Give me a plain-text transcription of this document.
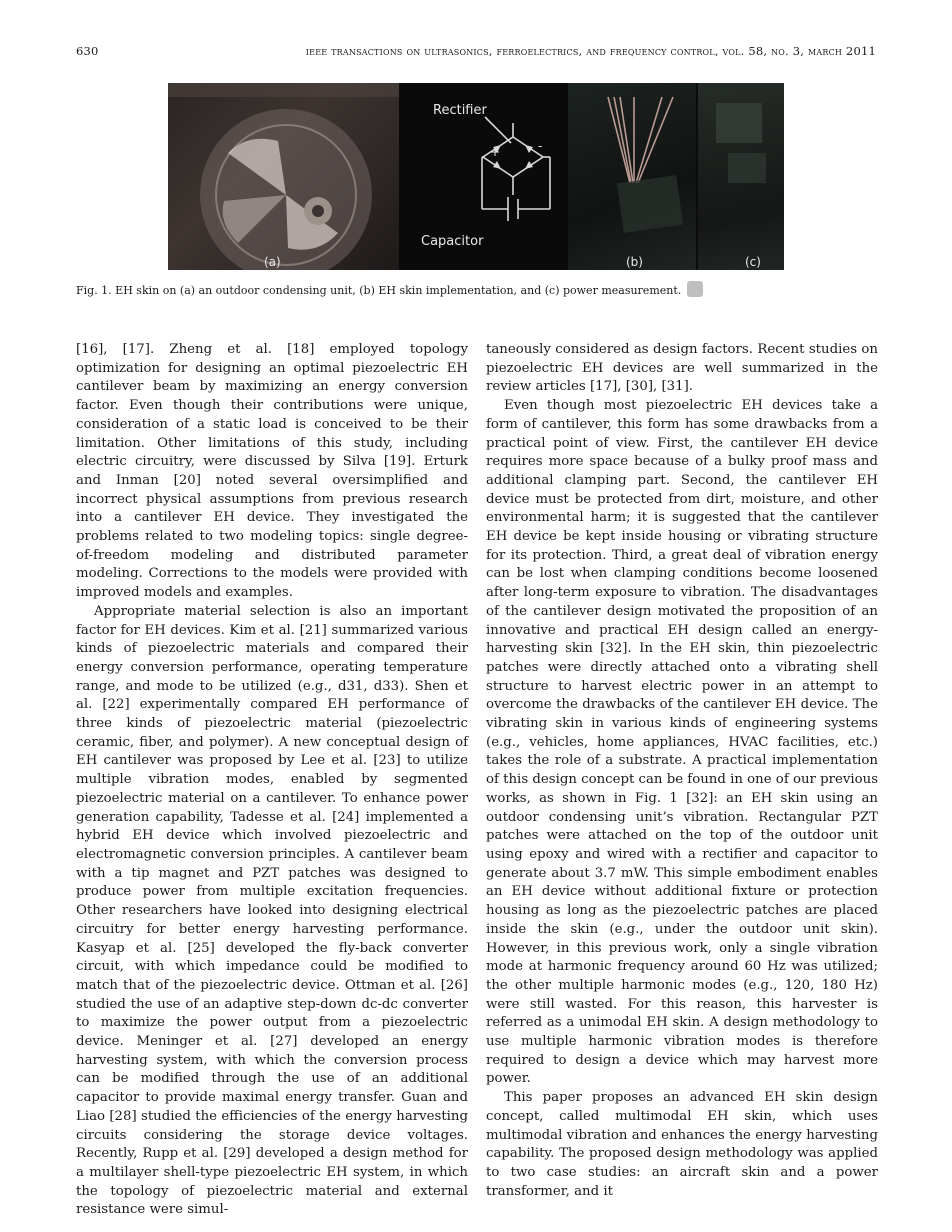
630	ieee transactions on ultrasonics, ferroelectrics, and frequency control, vol. 58, no. 3, march 2011
Rectifier
Capacitor
+	-
(a)	(b)	(c)
Fig. 1. EH skin on (a) an outdoor condensing unit, (b) EH skin implementation, and (c) power measurement.

[16], [17]. Zheng et al. [18] employed topology optimization for designing an optimal piezoelectric EH cantilever beam by maximizing an energy conversion factor. Even though their contributions were unique, consideration of a static load is conceived to be their limitation. Other limitations of this study, including electric circuitry, were discussed by Silva [19]. Erturk and Inman [20] noted several oversimplified and incorrect physical assumptions from previous research into a cantilever EH device. They investigated the problems related to two modeling topics: single degree-of-freedom modeling and distributed parameter modeling. Corrections to the models were provided with improved models and examples.

Appropriate material selection is also an important factor for EH devices. Kim et al. [21] summarized various kinds of piezoelectric materials and compared their energy conversion performance, operating temperature range, and mode to be utilized (e.g., d31, d33). Shen et al. [22] experimentally compared EH performance of three kinds of piezoelectric material (piezoelectric ceramic, fiber, and polymer). A new conceptual design of EH cantilever was proposed by Lee et al. [23] to utilize multiple vibration modes, enabled by segmented piezoelectric material on a cantilever. To enhance power generation capability, Tadesse et al. [24] implemented a hybrid EH device which involved piezoelectric and electromagnetic conversion principles. A cantilever beam with a tip magnet and PZT patches was designed to produce power from multiple excitation frequencies. Other researchers have looked into designing electrical circuitry for better energy harvesting performance. Kasyap et al. [25] developed the fly-back converter circuit, with which impedance could be modified to match that of the piezoelectric device. Ottman et al. [26] studied the use of an adaptive step-down dc-dc converter to maximize the power output from a piezoelectric device. Meninger et al. [27] developed an energy harvesting system, with which the conversion process can be modified through the use of an additional capacitor to provide maximal energy transfer. Guan and Liao [28] studied the efficiencies of the energy harvesting circuits considering the storage device voltages. Recently, Rupp et al. [29] developed a design method for a multilayer shell-type piezoelectric EH system, in which the topology of piezoelectric material and external resistance were simul-

taneously considered as design factors. Recent studies on piezoelectric EH devices are well summarized in the review articles [17], [30], [31].

Even though most piezoelectric EH devices take a form of cantilever, this form has some drawbacks from a practical point of view. First, the cantilever EH device requires more space because of a bulky proof mass and additional clamping part. Second, the cantilever EH device must be protected from dirt, moisture, and other environmental harm; it is suggested that the cantilever EH device be kept inside housing or vibrating structure for its protection. Third, a great deal of vibration energy can be lost when clamping conditions become loosened after long-term exposure to vibration. The disadvantages of the cantilever design motivated the proposition of an innovative and practical EH design called an energy-harvesting skin [32]. In the EH skin, thin piezoelectric patches were directly attached onto a vibrating shell structure to harvest electric power in an attempt to overcome the drawbacks of the cantilever EH device. The vibrating skin in various kinds of engineering systems (e.g., vehicles, home appliances, HVAC facilities, etc.) takes the role of a substrate. A practical implementation of this design concept can be found in one of our previous works, as shown in Fig. 1 [32]: an EH skin using an outdoor condensing unit’s vibration. Rectangular PZT patches were attached on the top of the outdoor unit using epoxy and wired with a rectifier and capacitor to generate about 3.7 mW. This simple embodiment enables an EH device without additional fixture or protection housing as long as the piezoelectric patches are placed inside the skin (e.g., under the outdoor unit skin). However, in this previous work, only a single vibration mode at harmonic frequency around 60 Hz was utilized; the other multiple harmonic modes (e.g., 120, 180 Hz) were still wasted. For this reason, this harvester is referred as a unimodal EH skin. A design methodology to use multiple harmonic vibration modes is therefore required to design a device which may harvest more power.

This paper proposes an advanced EH skin design concept, called multimodal EH skin, which uses multimodal vibration and enhances the energy harvesting capability. The proposed design methodology was applied to two case studies: an aircraft skin and a power transformer, and it
